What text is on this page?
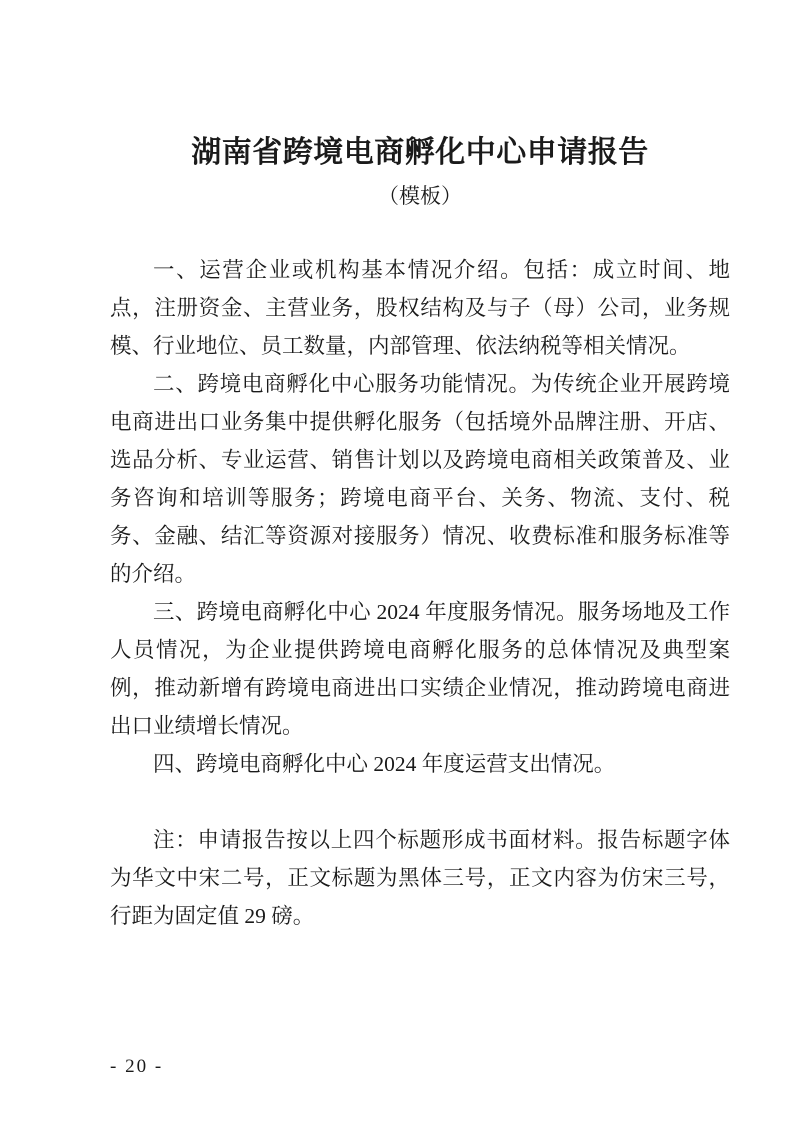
湖南省跨境电商孵化中心申请报告
（模板）

一、运营企业或机构基本情况介绍。包括：成立时间、地点，注册资金、主营业务，股权结构及与子（母）公司，业务规模、行业地位、员工数量，内部管理、依法纳税等相关情况。

二、跨境电商孵化中心服务功能情况。为传统企业开展跨境电商进出口业务集中提供孵化服务（包括境外品牌注册、开店、选品分析、专业运营、销售计划以及跨境电商相关政策普及、业务咨询和培训等服务；跨境电商平台、关务、物流、支付、税务、金融、结汇等资源对接服务）情况、收费标准和服务标准等的介绍。

三、跨境电商孵化中心 2024 年度服务情况。服务场地及工作人员情况，为企业提供跨境电商孵化服务的总体情况及典型案例，推动新增有跨境电商进出口实绩企业情况，推动跨境电商进出口业绩增长情况。

四、跨境电商孵化中心 2024 年度运营支出情况。

注：申请报告按以上四个标题形成书面材料。报告标题字体为华文中宋二号，正文标题为黑体三号，正文内容为仿宋三号，行距为固定值 29 磅。

- 20 -
